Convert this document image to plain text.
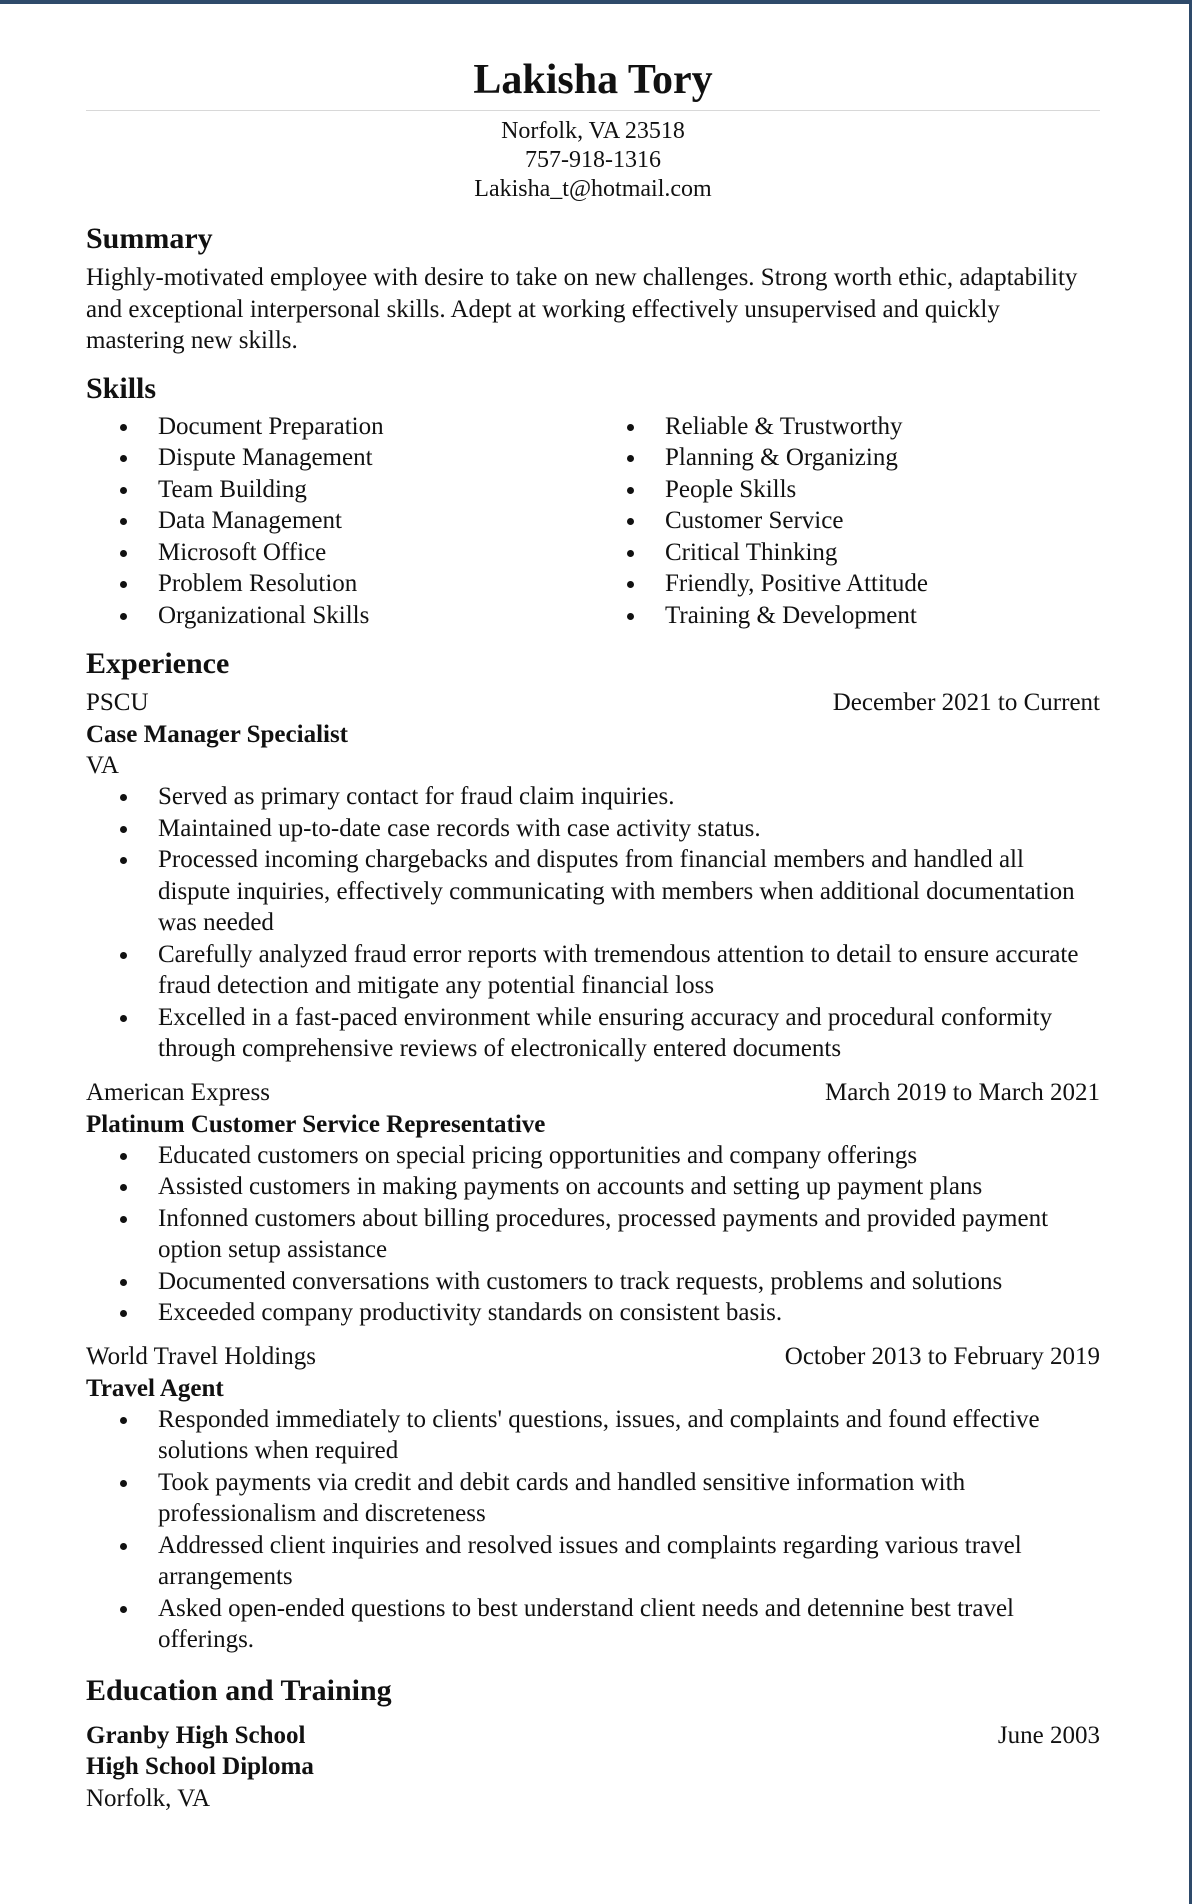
Lakisha Tory
Norfolk, VA 23518
757-918-1316
Lakisha_t@hotmail.com
Summary
Highly-motivated employee with desire to take on new challenges. Strong worth ethic, adaptability and exceptional interpersonal skills. Adept at working effectively unsupervised and quickly mastering new skills.
Skills
Document Preparation
Dispute Management
Team Building
Data Management
Microsoft Office
Problem Resolution
Organizational Skills
Reliable & Trustworthy
Planning & Organizing
People Skills
Customer Service
Critical Thinking
Friendly, Positive Attitude
Training & Development
Experience
PSCU	December 2021 to Current
Case Manager Specialist
VA
Served as primary contact for fraud claim inquiries.
Maintained up-to-date case records with case activity status.
Processed incoming chargebacks and disputes from financial members and handled all dispute inquiries, effectively communicating with members when additional documentation was needed
Carefully analyzed fraud error reports with tremendous attention to detail to ensure accurate fraud detection and mitigate any potential financial loss
Excelled in a fast-paced environment while ensuring accuracy and procedural conformity through comprehensive reviews of electronically entered documents
American Express	March 2019 to March 2021
Platinum Customer Service Representative
Educated customers on special pricing opportunities and company offerings
Assisted customers in making payments on accounts and setting up payment plans
Infonned customers about billing procedures, processed payments and provided payment option setup assistance
Documented conversations with customers to track requests, problems and solutions
Exceeded company productivity standards on consistent basis.
World Travel Holdings	October 2013 to February 2019
Travel Agent
Responded immediately to clients' questions, issues, and complaints and found effective solutions when required
Took payments via credit and debit cards and handled sensitive information with professionalism and discreteness
Addressed client inquiries and resolved issues and complaints regarding various travel arrangements
Asked open-ended questions to best understand client needs and detennine best travel offerings.
Education and Training
Granby High School	June 2003
High School Diploma
Norfolk, VA
